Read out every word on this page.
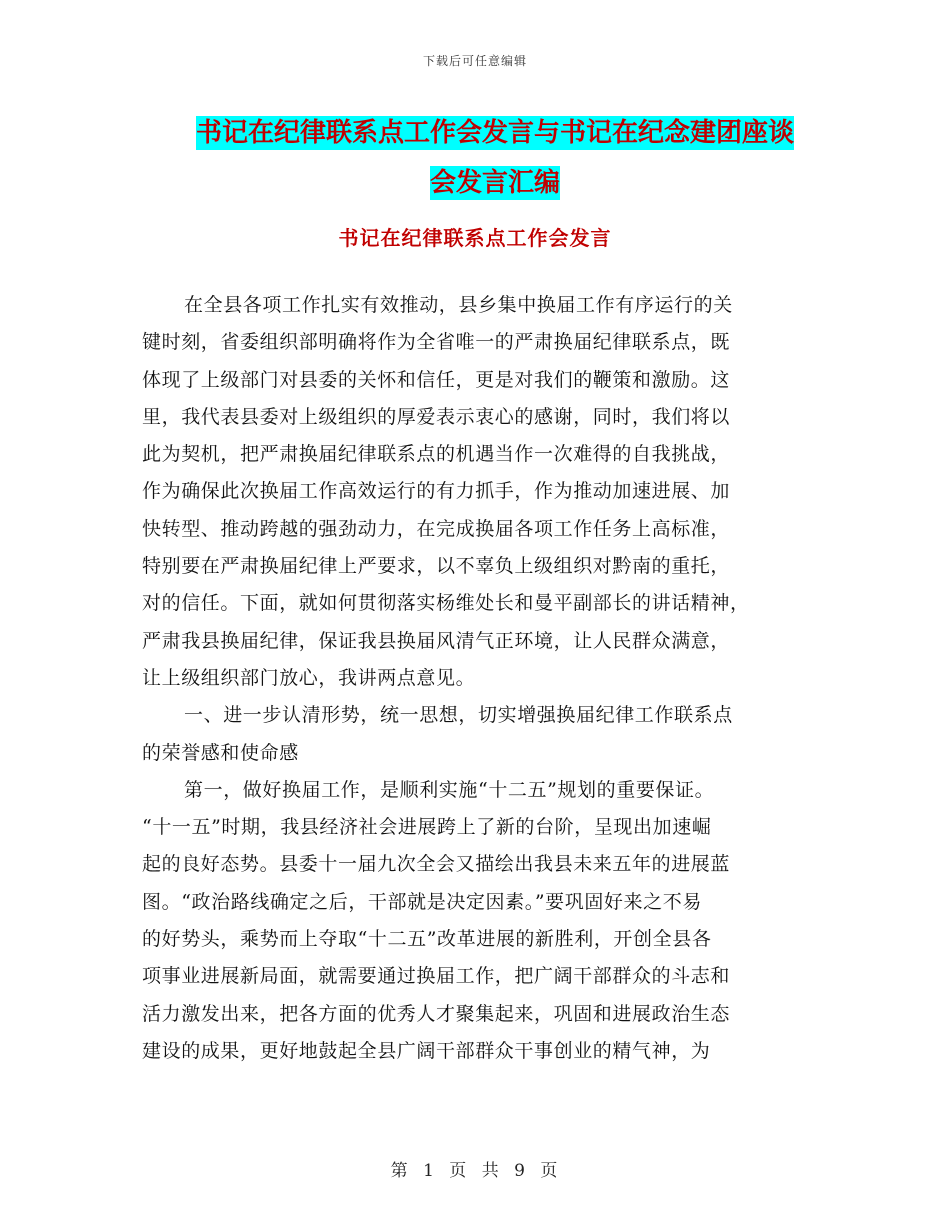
下载后可任意编辑
书记在纪律联系点工作会发言与书记在纪念建团座谈
会发言汇编
书记在纪律联系点工作会发言
在全县各项工作扎实有效推动，县乡集中换届工作有序运行的关
键时刻，省委组织部明确将作为全省唯一的严肃换届纪律联系点，既
体现了上级部门对县委的关怀和信任，更是对我们的鞭策和激励。这
里，我代表县委对上级组织的厚爱表示衷心的感谢，同时，我们将以
此为契机，把严肃换届纪律联系点的机遇当作一次难得的自我挑战，
作为确保此次换届工作高效运行的有力抓手，作为推动加速进展、加
快转型、推动跨越的强劲动力，在完成换届各项工作任务上高标准，
特别要在严肃换届纪律上严要求，以不辜负上级组织对黔南的重托，
对的信任。下面，就如何贯彻落实杨维处长和曼平副部长的讲话精神，
严肃我县换届纪律，保证我县换届风清气正环境，让人民群众满意，
让上级组织部门放心，我讲两点意见。
一、进一步认清形势，统一思想，切实增强换届纪律工作联系点
的荣誉感和使命感
第一，做好换届工作，是顺利实施“十二五”规划的重要保证。
“十一五”时期，我县经济社会进展跨上了新的台阶，呈现出加速崛
起的良好态势。县委十一届九次全会又描绘出我县未来五年的进展蓝
图。“政治路线确定之后，干部就是决定因素。”要巩固好来之不易
的好势头，乘势而上夺取“十二五”改革进展的新胜利，开创全县各
项事业进展新局面，就需要通过换届工作，把广阔干部群众的斗志和
活力激发出来，把各方面的优秀人才聚集起来，巩固和进展政治生态
建设的成果，更好地鼓起全县广阔干部群众干事创业的精气神，为
第 1 页 共 9 页
